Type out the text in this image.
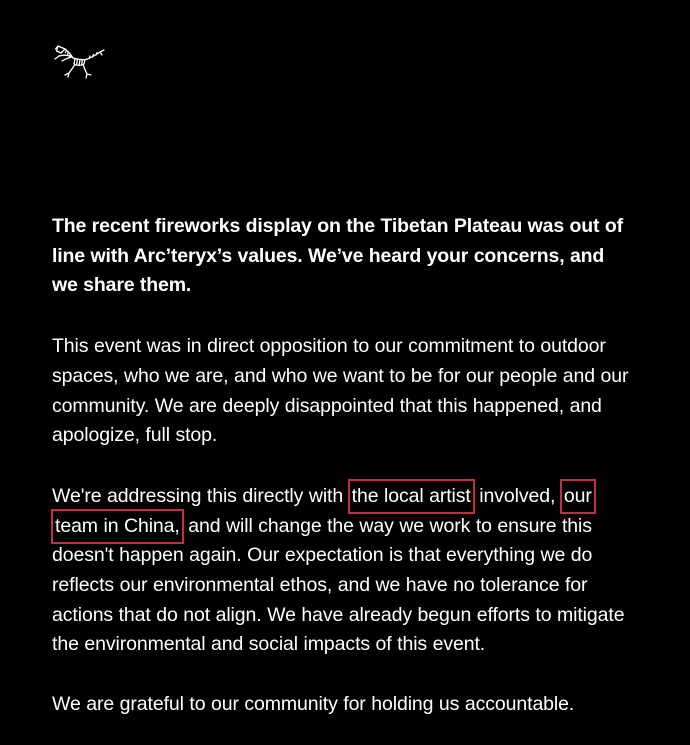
The recent fireworks display on the Tibetan Plateau was out of line with Arc’teryx’s values. We’ve heard your concerns, and we share them.

This event was in direct opposition to our commitment to outdoor spaces, who we are, and who we want to be for our people and our community. We are deeply disappointed that this happened, and apologize, full stop.

We're addressing this directly with the local artist involved, our team in China, and will change the way we work to ensure this doesn't happen again. Our expectation is that everything we do reflects our environmental ethos, and we have no tolerance for actions that do not align. We have already begun efforts to mitigate the environmental and social impacts of this event.

We are grateful to our community for holding us accountable.
